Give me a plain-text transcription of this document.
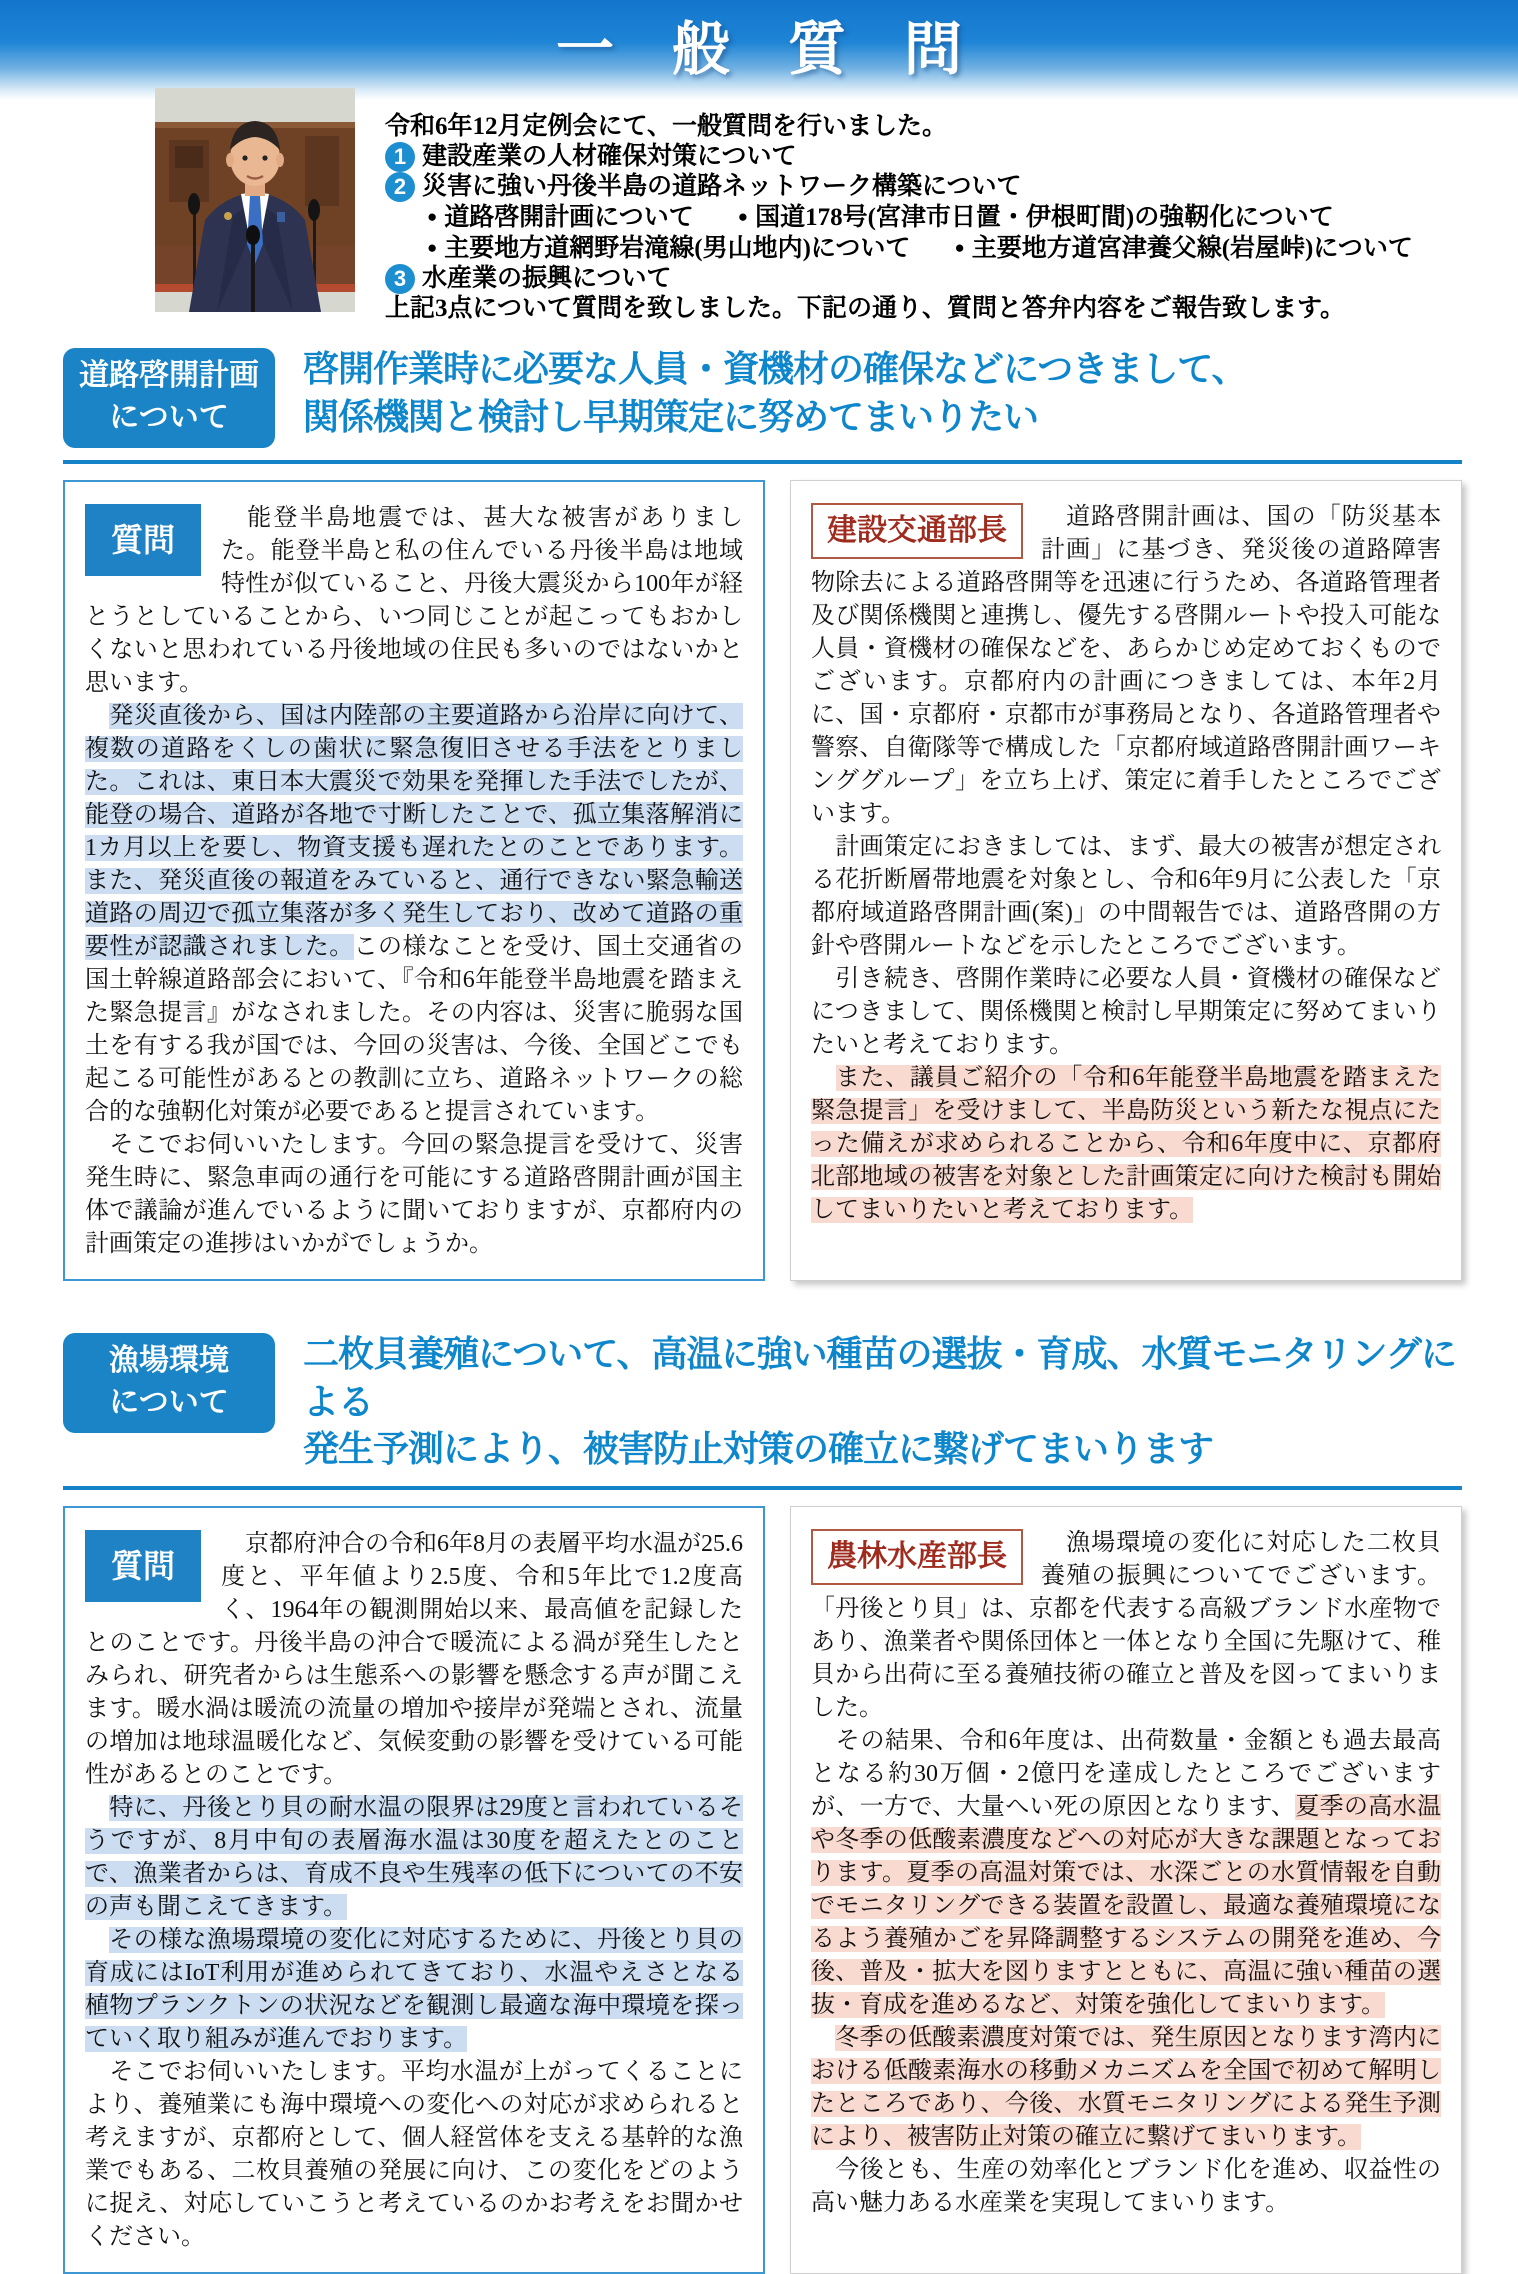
一般質問
令和6年12月定例会にて、一般質問を行いました。
1 建設産業の人材確保対策について
2 災害に強い丹後半島の道路ネットワーク構築について
● 道路啓開計画について	● 国道178号(宮津市日置・伊根町間)の強靭化について
● 主要地方道網野岩滝線(男山地内)について	● 主要地方道宮津養父線(岩屋峠)について
3 水産業の振興について
上記3点について質問を致しました。下記の通り、質問と答弁内容をご報告致します。
道路啓開計画
について
啓開作業時に必要な人員・資機材の確保などにつきまして、
関係機関と検討し早期策定に努めてまいりたい
質問

　能登半島地震では、甚大な被害がありました。能登半島と私の住んでいる丹後半島は地域特性が似ていること、丹後大震災から100年が経とうとしていることから、いつ同じことが起こってもおかしくないと思われている丹後地域の住民も多いのではないかと思います。

　発災直後から、国は内陸部の主要道路から沿岸に向けて、複数の道路をくしの歯状に緊急復旧させる手法をとりました。これは、東日本大震災で効果を発揮した手法でしたが、能登の場合、道路が各地で寸断したことで、孤立集落解消に1カ月以上を要し、物資支援も遅れたとのことであります。また、発災直後の報道をみていると、通行できない緊急輸送道路の周辺で孤立集落が多く発生しており、改めて道路の重要性が認識されました。この様なことを受け、国土交通省の国土幹線道路部会において、『令和6年能登半島地震を踏まえた緊急提言』がなされました。その内容は、災害に脆弱な国土を有する我が国では、今回の災害は、今後、全国どこでも起こる可能性があるとの教訓に立ち、道路ネットワークの総合的な強靭化対策が必要であると提言されています。

　そこでお伺いいたします。今回の緊急提言を受けて、災害発生時に、緊急車両の通行を可能にする道路啓開計画が国主体で議論が進んでいるように聞いておりますが、京都府内の計画策定の進捗はいかがでしょうか。

建設交通部長	　道路啓開計画は、国の「防災基本計画」に基づき、発災後の道路障害物除去による道路啓開等を迅速に行うため、各道路管理者及び関係機関と連携し、優先する啓開ルートや投入可能な人員・資機材の確保などを、あらかじめ定めておくものでございます。京都府内の計画につきましては、本年2月に、国・京都府・京都市が事務局となり、各道路管理者や警察、自衛隊等で構成した「京都府域道路啓開計画ワーキンググループ」を立ち上げ、策定に着手したところでございます。

　計画策定におきましては、まず、最大の被害が想定される花折断層帯地震を対象とし、令和6年9月に公表した「京都府域道路啓開計画(案)」の中間報告では、道路啓開の方針や啓開ルートなどを示したところでございます。

　引き続き、啓開作業時に必要な人員・資機材の確保などにつきまして、関係機関と検討し早期策定に努めてまいりたいと考えております。

　また、議員ご紹介の「令和6年能登半島地震を踏まえた緊急提言」を受けまして、半島防災という新たな視点にたった備えが求められることから、令和6年度中に、京都府北部地域の被害を対象とした計画策定に向けた検討も開始してまいりたいと考えております。

漁場環境
について
二枚貝養殖について、高温に強い種苗の選抜・育成、水質モニタリングによる
発生予測により、被害防止対策の確立に繋げてまいります
質問

　京都府沖合の令和6年8月の表層平均水温が25.6度と、平年値より2.5度、令和5年比で1.2度高く、1964年の観測開始以来、最高値を記録したとのことです。丹後半島の沖合で暖流による渦が発生したとみられ、研究者からは生態系への影響を懸念する声が聞こえます。暖水渦は暖流の流量の増加や接岸が発端とされ、流量の増加は地球温暖化など、気候変動の影響を受けている可能性があるとのことです。

　特に、丹後とり貝の耐水温の限界は29度と言われているそうですが、8月中旬の表層海水温は30度を超えたとのことで、漁業者からは、育成不良や生残率の低下についての不安の声も聞こえてきます。

　その様な漁場環境の変化に対応するために、丹後とり貝の育成にはIoT利用が進められてきており、水温やえさとなる植物プランクトンの状況などを観測し最適な海中環境を探っていく取り組みが進んでおります。

　そこでお伺いいたします。平均水温が上がってくることにより、養殖業にも海中環境への変化への対応が求められると考えますが、京都府として、個人経営体を支える基幹的な漁業でもある、二枚貝養殖の発展に向け、この変化をどのように捉え、対応していこうと考えているのかお考えをお聞かせください。

農林水産部長	　漁場環境の変化に対応した二枚貝養殖の振興についてでございます。「丹後とり貝」は、京都を代表する高級ブランド水産物であり、漁業者や関係団体と一体となり全国に先駆けて、稚貝から出荷に至る養殖技術の確立と普及を図ってまいりました。

　その結果、令和6年度は、出荷数量・金額とも過去最高となる約30万個・2億円を達成したところでございますが、一方で、大量へい死の原因となります、夏季の高水温や冬季の低酸素濃度などへの対応が大きな課題となっております。夏季の高温対策では、水深ごとの水質情報を自動でモニタリングできる装置を設置し、最適な養殖環境になるよう養殖かごを昇降調整するシステムの開発を進め、今後、普及・拡大を図りますとともに、高温に強い種苗の選抜・育成を進めるなど、対策を強化してまいります。

　冬季の低酸素濃度対策では、発生原因となります湾内における低酸素海水の移動メカニズムを全国で初めて解明したところであり、今後、水質モニタリングによる発生予測により、被害防止対策の確立に繋げてまいります。

　今後とも、生産の効率化とブランド化を進め、収益性の高い魅力ある水産業を実現してまいります。
